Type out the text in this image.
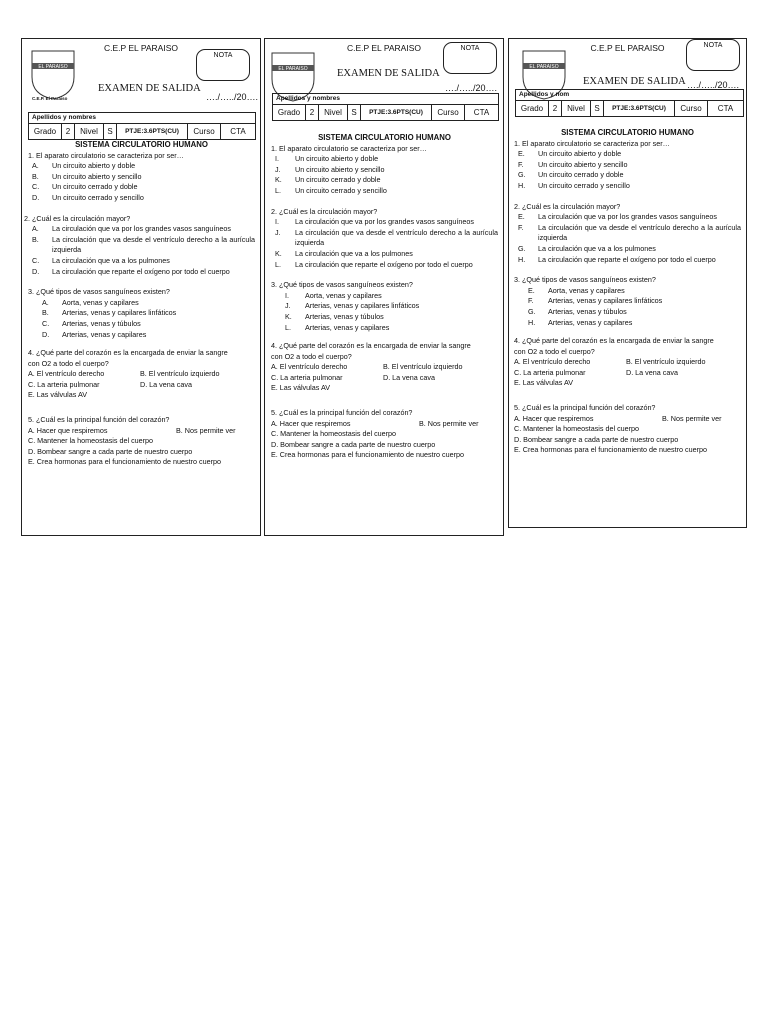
C.E.P EL PARAISO
EL PARAISO
C.E.P. El Paraiso
NOTA
EXAMEN DE SALIDA
…./…../20….
Apellidos y nombres
Grado	2	Nivel	S	PTJE:3.6PTS(CU)	Curso	CTA
SISTEMA CIRCULATORIO HUMANO
1. El aparato circulatorio se caracteriza por ser…
A.	Un circuito abierto y doble
B.	Un circuito abierto y sencillo
C.	Un circuito cerrado y doble
D.	Un circuito cerrado y sencillo
2. ¿Cuál es la circulación mayor?
A.	La circulación que va por los grandes vasos sanguíneos
B.	La circulación que va desde el ventrículo derecho a la aurícula izquierda
C.	La circulación que va a los pulmones
D.	La circulación que reparte el oxígeno por todo el cuerpo
3. ¿Qué tipos de vasos sanguíneos existen?
A.	Aorta, venas y capilares
B.	Arterias, venas y capilares linfáticos
C.	Arterias, venas y túbulos
D.	Arterias, venas y capilares
4. ¿Qué parte del corazón es la encargada de enviar la sangre con O2 a todo el cuerpo?
A. El ventrículo derecho	B. El ventrículo izquierdo
C. La arteria pulmonar	D. La vena cava
E. Las válvulas AV
5. ¿Cuál es la principal función del corazón?
A. Hacer que respiremos	B. Nos permite ver
C. Mantener la homeostasis del cuerpo
D. Bombear sangre a cada parte de nuestro cuerpo
E. Crea hormonas para el funcionamiento de nuestro cuerpo
C.E.P EL PARAISO
EL PARAISO
NOTA
EXAMEN DE SALIDA
…./…../20….
Apellidos y nombres
Grado	2	Nivel	S	PTJE:3.6PTS(CU)	Curso	CTA
SISTEMA CIRCULATORIO HUMANO
1. El aparato circulatorio se caracteriza por ser…
I.	Un circuito abierto y doble
J.	Un circuito abierto y sencillo
K.	Un circuito cerrado y doble
L.	Un circuito cerrado y sencillo
2. ¿Cuál es la circulación mayor?
I.	La circulación que va por los grandes vasos sanguíneos
J.	La circulación que va desde el ventrículo derecho a la aurícula izquierda
K.	La circulación que va a los pulmones
L.	La circulación que reparte el oxígeno por todo el cuerpo
3. ¿Qué tipos de vasos sanguíneos existen?
I.	Aorta, venas y capilares
J.	Arterias, venas y capilares linfáticos
K.	Arterias, venas y túbulos
L.	Arterias, venas y capilares
4. ¿Qué parte del corazón es la encargada de enviar la sangre con O2 a todo el cuerpo?
A. El ventrículo derecho	B. El ventrículo izquierdo
C. La arteria pulmonar	D. La vena cava
E. Las válvulas AV
5. ¿Cuál es la principal función del corazón?
A. Hacer que respiremos	B. Nos permite ver
C. Mantener la homeostasis del cuerpo
D. Bombear sangre a cada parte de nuestro cuerpo
E. Crea hormonas para el funcionamiento de nuestro cuerpo
C.E.P EL PARAISO
EL PARAISO
NOTA
EXAMEN DE SALIDA …./…../20….
Apellidos y nom
Grado	2	Nivel	S	PTJE:3.6PTS(CU)	Curso	CTA
SISTEMA CIRCULATORIO HUMANO
1. El aparato circulatorio se caracteriza por ser…
E.	Un circuito abierto y doble
F.	Un circuito abierto y sencillo
G.	Un circuito cerrado y doble
H.	Un circuito cerrado y sencillo
2. ¿Cuál es la circulación mayor?
E.	La circulación que va por los grandes vasos sanguíneos
F.	La circulación que va desde el ventrículo derecho a la aurícula izquierda
G.	La circulación que va a los pulmones
H.	La circulación que reparte el oxígeno por todo el cuerpo
3. ¿Qué tipos de vasos sanguíneos existen?
E.	Aorta, venas y capilares
F.	Arterias, venas y capilares linfáticos
G.	Arterias, venas y túbulos
H.	Arterias, venas y capilares
4. ¿Qué parte del corazón es la encargada de enviar la sangre con O2 a todo el cuerpo?
A. El ventrículo derecho	B. El ventrículo izquierdo
C. La arteria pulmonar	D. La vena cava
E. Las válvulas AV
5. ¿Cuál es la principal función del corazón?
A. Hacer que respiremos	B. Nos permite ver
C. Mantener la homeostasis del cuerpo
D. Bombear sangre a cada parte de nuestro cuerpo
E. Crea hormonas para el funcionamiento de nuestro cuerpo
